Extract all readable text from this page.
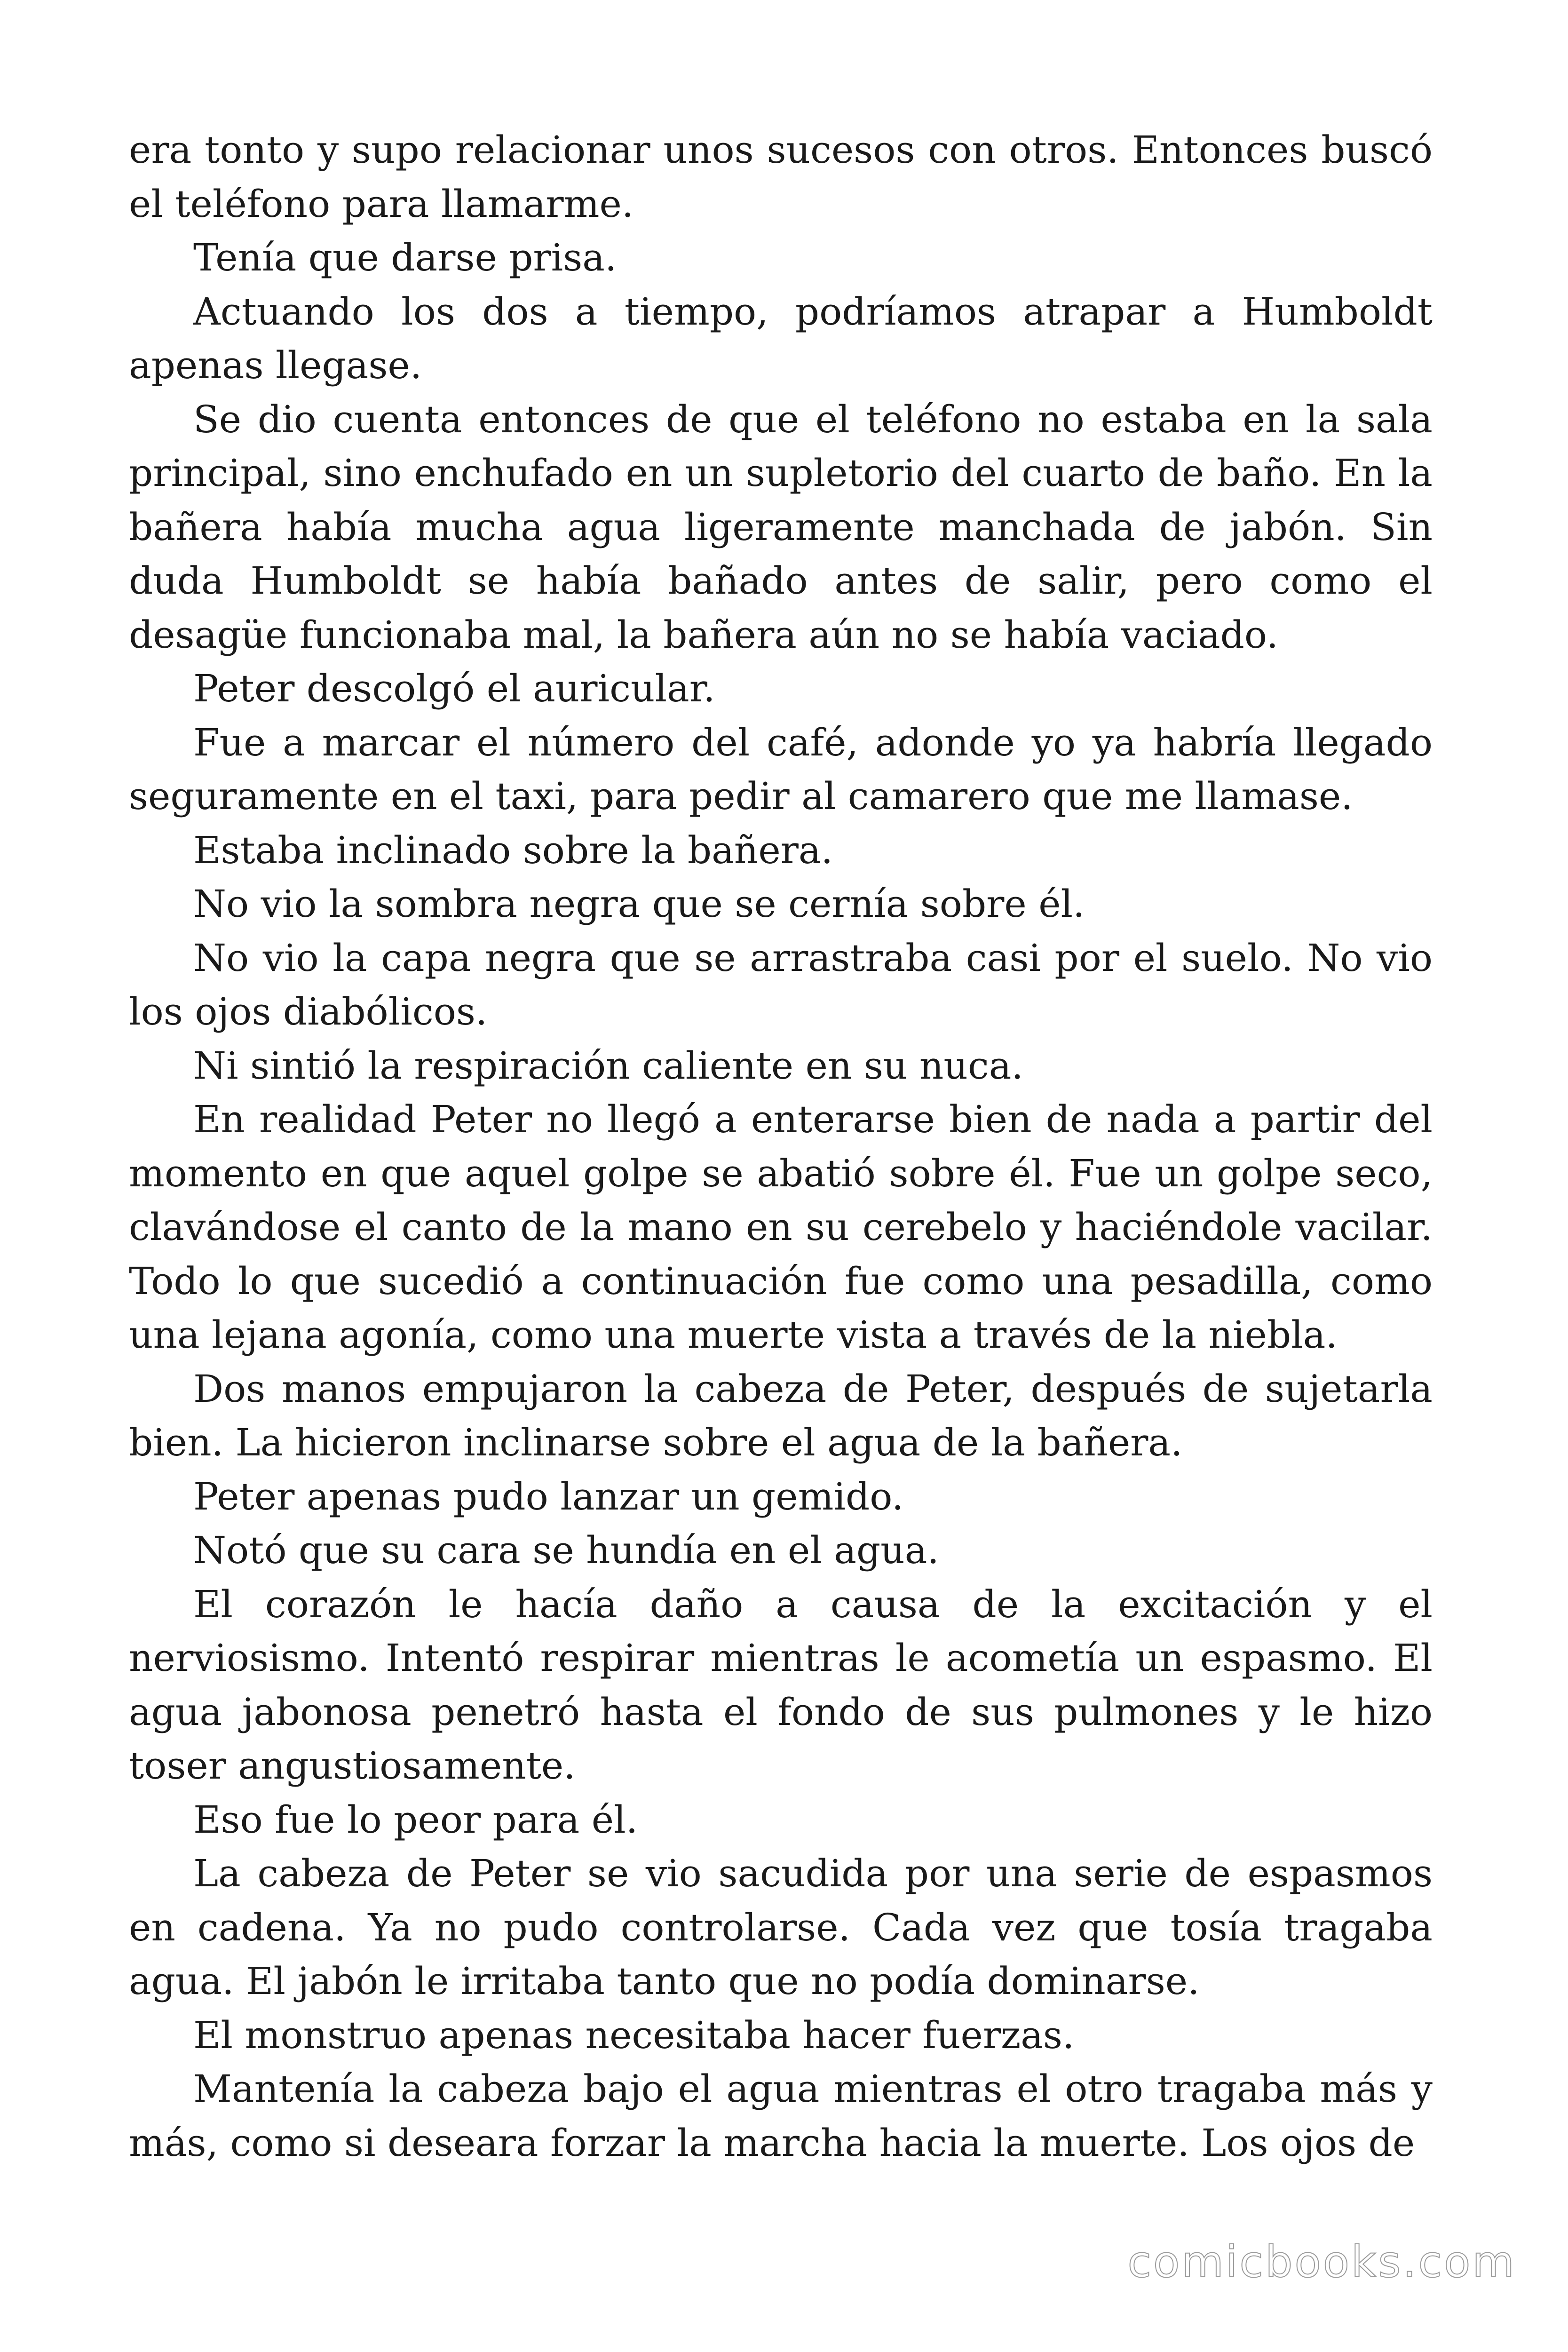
era tonto y supo relacionar unos sucesos con otros. Entonces buscó el teléfono para llamarme.

Tenía que darse prisa.

Actuando los dos a tiempo, podríamos atrapar a Humboldt apenas llegase.

Se dio cuenta entonces de que el teléfono no estaba en la sala principal, sino enchufado en un supletorio del cuarto de baño. En la bañera había mucha agua ligeramente manchada de jabón. Sin duda Humboldt se había bañado antes de salir, pero como el desagüe funcionaba mal, la bañera aún no se había vaciado.

Peter descolgó el auricular.

Fue a marcar el número del café, adonde yo ya habría llegado seguramente en el taxi, para pedir al camarero que me llamase.

Estaba inclinado sobre la bañera.

No vio la sombra negra que se cernía sobre él.

No vio la capa negra que se arrastraba casi por el suelo. No vio los ojos diabólicos.

Ni sintió la respiración caliente en su nuca.

En realidad Peter no llegó a enterarse bien de nada a partir del momento en que aquel golpe se abatió sobre él. Fue un golpe seco, clavándose el canto de la mano en su cerebelo y haciéndole vacilar. Todo lo que sucedió a continuación fue como una pesadilla, como una lejana agonía, como una muerte vista a través de la niebla.

Dos manos empujaron la cabeza de Peter, después de sujetarla bien. La hicieron inclinarse sobre el agua de la bañera.

Peter apenas pudo lanzar un gemido.

Notó que su cara se hundía en el agua.

El corazón le hacía daño a causa de la excitación y el nerviosismo. Intentó respirar mientras le acometía un espasmo. El agua jabonosa penetró hasta el fondo de sus pulmones y le hizo toser angustiosamente.

Eso fue lo peor para él.

La cabeza de Peter se vio sacudida por una serie de espasmos en cadena. Ya no pudo controlarse. Cada vez que tosía tragaba agua. El jabón le irritaba tanto que no podía dominarse.

El monstruo apenas necesitaba hacer fuerzas.

Mantenía la cabeza bajo el agua mientras el otro tragaba más y más, como si deseara forzar la marcha hacia la muerte. Los ojos de

comicbooks.com
